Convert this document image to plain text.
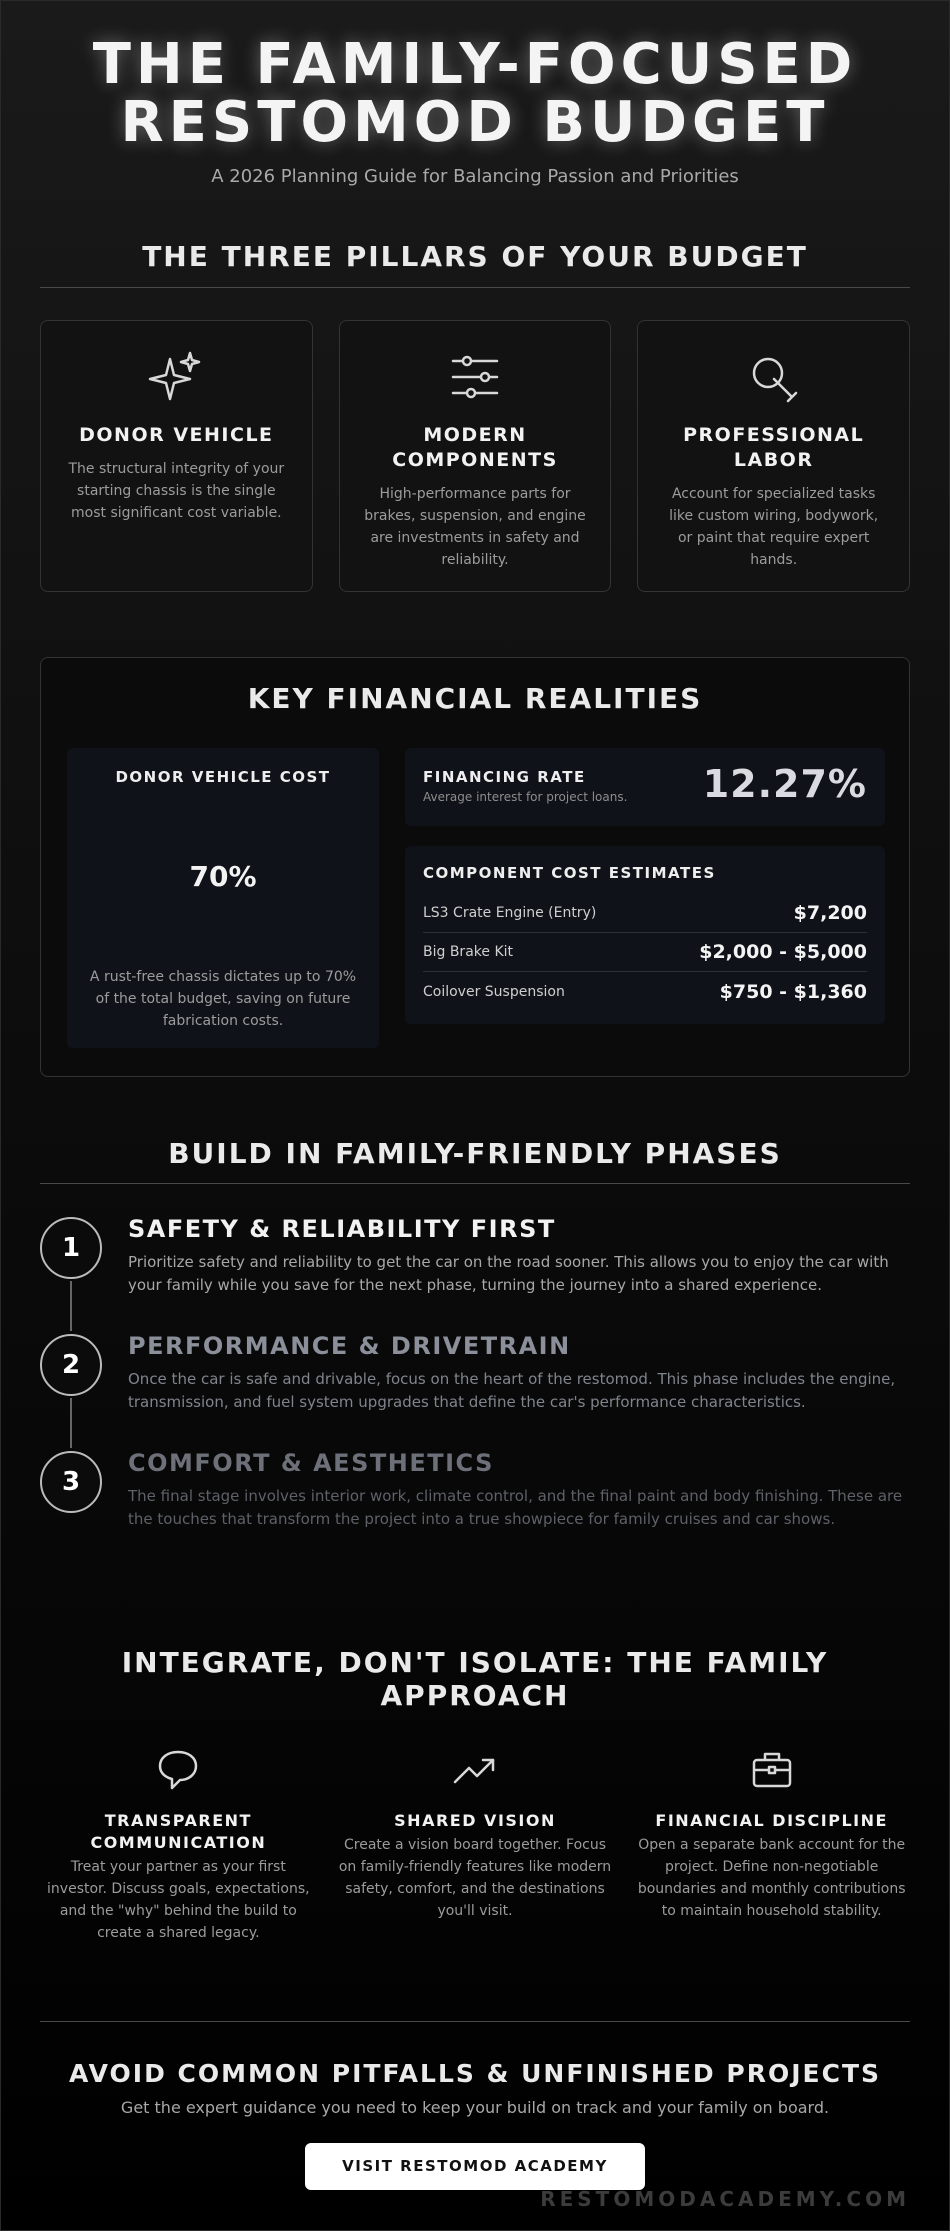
THE FAMILY-FOCUSED
RESTOMOD BUDGET
A 2026 Planning Guide for Balancing Passion and Priorities
THE THREE PILLARS OF YOUR BUDGET
DONOR VEHICLE
The structural integrity of your starting chassis is the single most significant cost variable.
MODERN COMPONENTS
High-performance parts for brakes, suspension, and engine are investments in safety and reliability.
PROFESSIONAL LABOR
Account for specialized tasks like custom wiring, bodywork, or paint that require expert hands.
KEY FINANCIAL REALITIES
DONOR VEHICLE COST
70%
A rust-free chassis dictates up to 70% of the total budget, saving on future fabrication costs.
FINANCING RATE
Average interest for project loans. 12.27%
COMPONENT COST ESTIMATES
LS3 Crate Engine (Entry)	$7,200
Big Brake Kit	$2,000 - $5,000
Coilover Suspension	$750 - $1,360
BUILD IN FAMILY-FRIENDLY PHASES
1
SAFETY & RELIABILITY FIRST
Prioritize safety and reliability to get the car on the road sooner. This allows you to enjoy the car with your family while you save for the next phase, turning the journey into a shared experience.
2
PERFORMANCE & DRIVETRAIN
Once the car is safe and drivable, focus on the heart of the restomod. This phase includes the engine, transmission, and fuel system upgrades that define the car's performance characteristics.
3
COMFORT & AESTHETICS
The final stage involves interior work, climate control, and the final paint and body finishing. These are the touches that transform the project into a true showpiece for family cruises and car shows.
INTEGRATE, DON'T ISOLATE: THE FAMILY
APPROACH
TRANSPARENT COMMUNICATION
Treat your partner as your first investor. Discuss goals, expectations, and the "why" behind the build to create a shared legacy.
SHARED VISION
Create a vision board together. Focus on family-friendly features like modern safety, comfort, and the destinations you'll visit.
FINANCIAL DISCIPLINE
Open a separate bank account for the project. Define non-negotiable boundaries and monthly contributions to maintain household stability.
AVOID COMMON PITFALLS & UNFINISHED PROJECTS
Get the expert guidance you need to keep your build on track and your family on board.
VISIT RESTOMOD ACADEMY
RESTOMODACADEMY.COM
